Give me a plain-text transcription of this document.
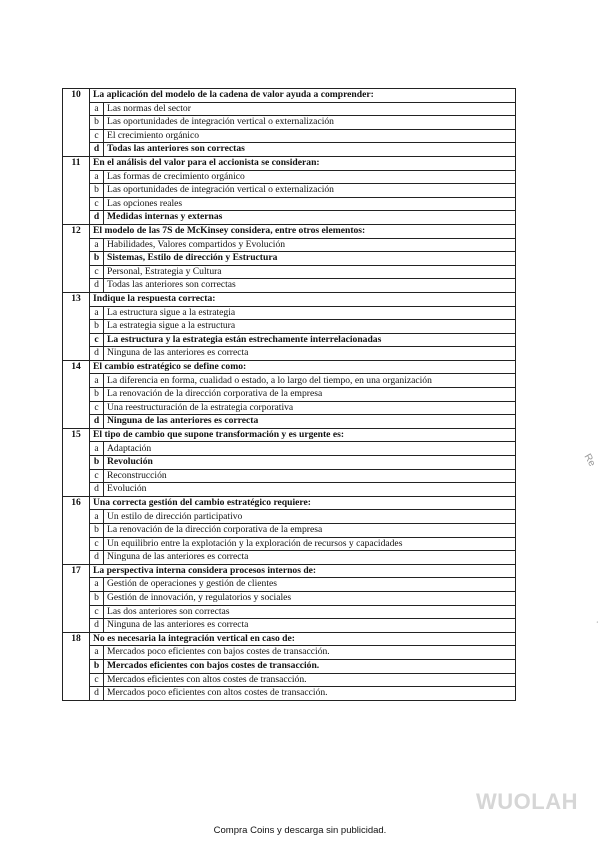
10	La aplicación del modelo de la cadena de valor ayuda a comprender:	
	a	Las normas del sector
	b	Las oportunidades de integración vertical o externalización
	c	El crecimiento orgánico
	d	Todas las anteriores son correctas
11	En el análisis del valor para el accionista se consideran:	
	a	Las formas de crecimiento orgánico
	b	Las oportunidades de integración vertical o externalización
	c	Las opciones reales
	d	Medidas internas y externas
12	El modelo de las 7S de McKinsey considera, entre otros elementos:	
	a	Habilidades, Valores compartidos y Evolución
	b	Sistemas, Estilo de dirección y Estructura
	c	Personal, Estrategia y Cultura
	d	Todas las anteriores son correctas
13	Indique la respuesta correcta:	
	a	La estructura sigue a la estrategia
	b	La estrategia sigue a la estructura
	c	La estructura y la estrategia están estrechamente interrelacionadas
	d	Ninguna de las anteriores es correcta
14	El cambio estratégico se define como:	
	a	La diferencia en forma, cualidad o estado, a lo largo del tiempo, en una organización
	b	La renovación de la dirección corporativa de la empresa
	c	Una reestructuración de la estrategia corporativa
	d	Ninguna de las anteriores es correcta
15	El tipo de cambio que supone transformación y es urgente es:	
	a	Adaptación
	b	Revolución
	c	Reconstrucción
	d	Evolución
16	Una correcta gestión del cambio estratégico requiere:	
	a	Un estilo de dirección participativo
	b	La renovación de la dirección corporativa de la empresa
	c	Un equilibrio entre la explotación y la exploración de recursos y capacidades
	d	Ninguna de las anteriores es correcta
17	La perspectiva interna considera procesos internos de:	
	a	Gestión de operaciones y gestión de clientes
	b	Gestión de innovación, y regulatorios y sociales
	c	Las dos anteriores son correctas
	d	Ninguna de las anteriores es correcta
18	No es necesaria la integración vertical en caso de:	
	a	Mercados poco eficientes con bajos costes de transacción.
	b	Mercados eficientes con bajos costes de transacción.
	c	Mercados eficientes con altos costes de transacción.
	d	Mercados poco eficientes con altos costes de transacción.
Re
·
WUOLAH
Compra Coins y descarga sin publicidad.
